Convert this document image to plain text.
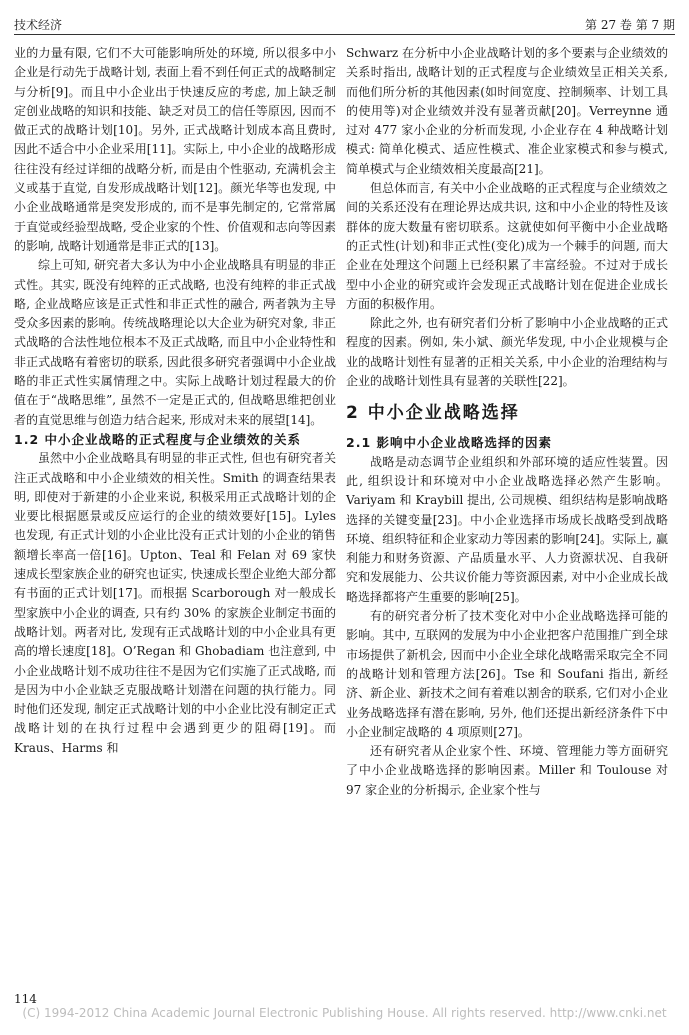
技术经济	第 27 卷 第 7 期

业的力量有限, 它们不大可能影响所处的环境, 所以很多中小企业是行动先于战略计划, 表面上看不到任何正式的战略制定与分析[9]。而且中小企业出于快速反应的考虑, 加上缺乏制定创业战略的知识和技能、缺乏对员工的信任等原因, 因而不做正式的战略计划[10]。另外, 正式战略计划成本高且费时, 因此不适合中小企业采用[11]。实际上, 中小企业的战略形成往往没有经过详细的战略分析, 而是由个性驱动, 充满机会主义或基于直觉, 自发形成战略计划[12]。颜光华等也发现, 中小企业战略通常是突发形成的, 而不是事先制定的, 它常常属于直觉或经验型战略, 受企业家的个性、价值观和志向等因素的影响, 战略计划通常是非正式的[13]。

综上可知, 研究者大多认为中小企业战略具有明显的非正式性。其实, 既没有纯粹的正式战略, 也没有纯粹的非正式战略, 企业战略应该是正式性和非正式性的融合, 两者孰为主导受众多因素的影响。传统战略理论以大企业为研究对象, 非正式战略的合法性地位根本不及正式战略, 而且中小企业特性和非正式战略有着密切的联系, 因此很多研究者强调中小企业战略的非正式性实属情理之中。实际上战略计划过程最大的价值在于“战略思维”, 虽然不一定是正式的, 但战略思维把创业者的直觉思维与创造力结合起来, 形成对未来的展望[14]。

1.2 中小企业战略的正式程度与企业绩效的关系

虽然中小企业战略具有明显的非正式性, 但也有研究者关注正式战略和中小企业绩效的相关性。Smith 的调查结果表明, 即使对于新建的小企业来说, 积极采用正式战略计划的企业要比根据愿景或反应运行的企业的绩效要好[15]。Lyles 也发现, 有正式计划的小企业比没有正式计划的小企业的销售额增长率高一倍[16]。Upton、Teal 和 Felan 对 69 家快速成长型家族企业的研究也证实, 快速成长型企业绝大部分都有书面的正式计划[17]。而根据 Scarborough 对一般成长型家族中小企业的调查, 只有约 30% 的家族企业制定书面的战略计划。两者对比, 发现有正式战略计划的中小企业具有更高的增长速度[18]。O’Regan 和 Ghobadiam 也注意到, 中小企业战略计划不成功往往不是因为它们实施了正式战略, 而是因为中小企业缺乏克服战略计划潜在问题的执行能力。同时他们还发现, 制定正式战略计划的中小企业比没有制定正式战略计划的在执行过程中会遇到更少的阻碍[19]。而 Kraus、Harms 和

Schwarz 在分析中小企业战略计划的多个要素与企业绩效的关系时指出, 战略计划的正式程度与企业绩效呈正相关关系, 而他们所分析的其他因素(如时间宽度、控制频率、计划工具的使用等)对企业绩效并没有显著贡献[20]。Verreynne 通过对 477 家小企业的分析而发现, 小企业存在 4 种战略计划模式: 简单化模式、适应性模式、准企业家模式和参与模式, 简单模式与企业绩效相关度最高[21]。

但总体而言, 有关中小企业战略的正式程度与企业绩效之间的关系还没有在理论界达成共识, 这和中小企业的特性及该群体的庞大数量有密切联系。这就使如何平衡中小企业战略的正式性(计划)和非正式性(变化)成为一个棘手的问题, 而大企业在处理这个问题上已经积累了丰富经验。不过对于成长型中小企业的研究或许会发现正式战略计划在促进企业成长方面的积极作用。

除此之外, 也有研究者们分析了影响中小企业战略的正式程度的因素。例如, 朱小斌、颜光华发现, 中小企业规模与企业的战略计划性有显著的正相关关系, 中小企业的治理结构与企业的战略计划性具有显著的关联性[22]。

2 中小企业战略选择
2.1 影响中小企业战略选择的因素

战略是动态调节企业组织和外部环境的适应性装置。因此, 组织设计和环境对中小企业战略选择必然产生影响。Variyam 和 Kraybill 提出, 公司规模、组织结构是影响战略选择的关键变量[23]。中小企业选择市场成长战略受到战略环境、组织特征和企业家动力等因素的影响[24]。实际上, 赢利能力和财务资源、产品质量水平、人力资源状况、自我研究和发展能力、公共议价能力等资源因素, 对中小企业成长战略选择都将产生重要的影响[25]。

有的研究者分析了技术变化对中小企业战略选择可能的影响。其中, 互联网的发展为中小企业把客户范围推广到全球市场提供了新机会, 因而中小企业全球化战略需采取完全不同的战略计划和管理方法[26]。Tse 和 Soufani 指出, 新经济、新企业、新技术之间有着难以割舍的联系, 它们对小企业业务战略选择有潜在影响, 另外, 他们还提出新经济条件下中小企业制定战略的 4 项原则[27]。

还有研究者从企业家个性、环境、管理能力等方面研究了中小企业战略选择的影响因素。Miller 和 Toulouse 对 97 家企业的分析揭示, 企业家个性与

114
(C) 1994-2012 China Academic Journal Electronic Publishing House. All rights reserved. http://www.cnki.net
